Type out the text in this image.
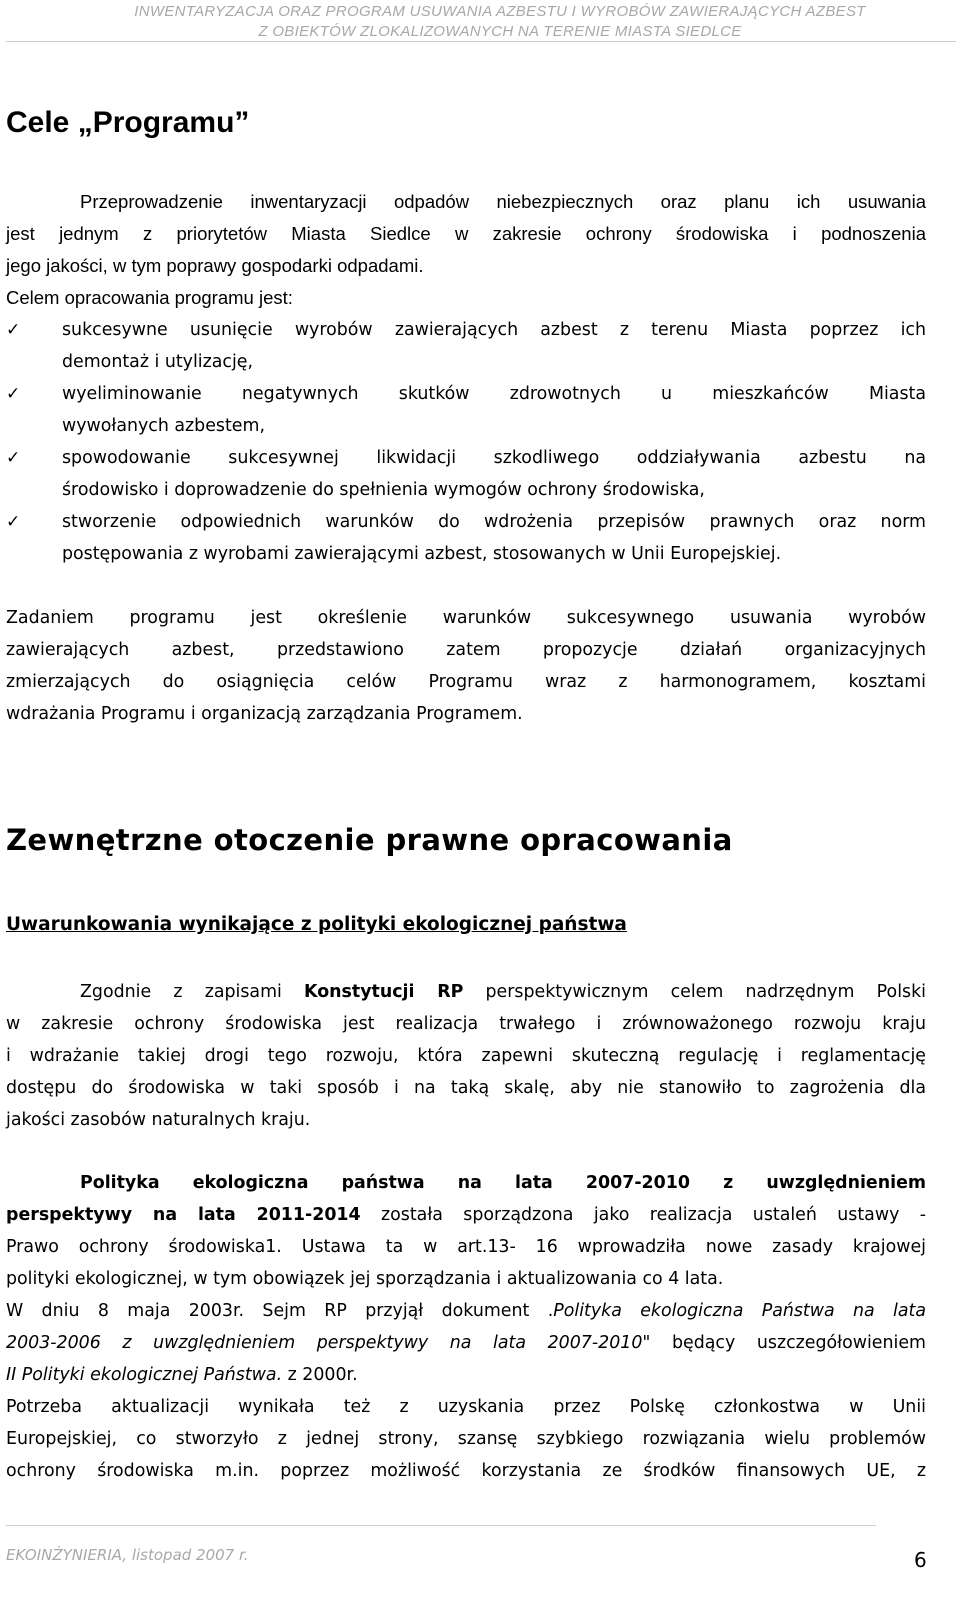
INWENTARYZACJA ORAZ PROGRAM USUWANIA AZBESTU I WYROBÓW ZAWIERAJĄCYCH AZBEST
Z OBIEKTÓW ZLOKALIZOWANYCH NA TERENIE MIASTA SIEDLCE
Cele „Programu”
Przeprowadzenie inwentaryzacji odpadów niebezpiecznych oraz planu ich usuwania
jest jednym z priorytetów Miasta Siedlce w zakresie ochrony środowiska i podnoszenia
jego jakości, w tym poprawy gospodarki odpadami.
Celem opracowania programu jest:
✓ sukcesywne usunięcie wyrobów zawierających azbest z terenu Miasta poprzez ich
demontaż i utylizację,
✓ wyeliminowanie negatywnych skutków zdrowotnych u mieszkańców Miasta
wywołanych azbestem,
✓ spowodowanie sukcesywnej likwidacji szkodliwego oddziaływania azbestu na
środowisko i doprowadzenie do spełnienia wymogów ochrony środowiska,
✓ stworzenie odpowiednich warunków do wdrożenia przepisów prawnych oraz norm
postępowania z wyrobami zawierającymi azbest, stosowanych w Unii Europejskiej.
Zadaniem programu jest określenie warunków sukcesywnego usuwania wyrobów
zawierających azbest, przedstawiono zatem propozycje działań organizacyjnych
zmierzających do osiągnięcia celów Programu wraz z harmonogramem, kosztami
wdrażania Programu i organizacją zarządzania Programem.
Zewnętrzne otoczenie prawne opracowania
Uwarunkowania wynikające z polityki ekologicznej państwa
Zgodnie z zapisami Konstytucji RP perspektywicznym celem nadrzędnym Polski
w zakresie ochrony środowiska jest realizacja trwałego i zrównoważonego rozwoju kraju
i wdrażanie takiej drogi tego rozwoju, która zapewni skuteczną regulację i reglamentację
dostępu do środowiska w taki sposób i na taką skalę, aby nie stanowiło to zagrożenia dla
jakości zasobów naturalnych kraju.
Polityka ekologiczna państwa na lata 2007-2010 z uwzględnieniem
perspektywy na lata 2011-2014 została sporządzona jako realizacja ustaleń ustawy -
Prawo ochrony środowiska1. Ustawa ta w art.13- 16 wprowadziła nowe zasady krajowej
polityki ekologicznej, w tym obowiązek jej sporządzania i aktualizowania co 4 lata.
W dniu 8 maja 2003r. Sejm RP przyjął dokument .Polityka ekologiczna Państwa na lata
2003-2006 z uwzględnieniem perspektywy na lata 2007-2010" będący uszczegółowieniem
II Polityki ekologicznej Państwa. z 2000r.
Potrzeba aktualizacji wynikała też z uzyskania przez Polskę członkostwa w Unii
Europejskiej, co stworzyło z jednej strony, szansę szybkiego rozwiązania wielu problemów
ochrony środowiska m.in. poprzez możliwość korzystania ze środków finansowych UE, z
EKOINŻYNIERIA, listopad 2007 r.	6
